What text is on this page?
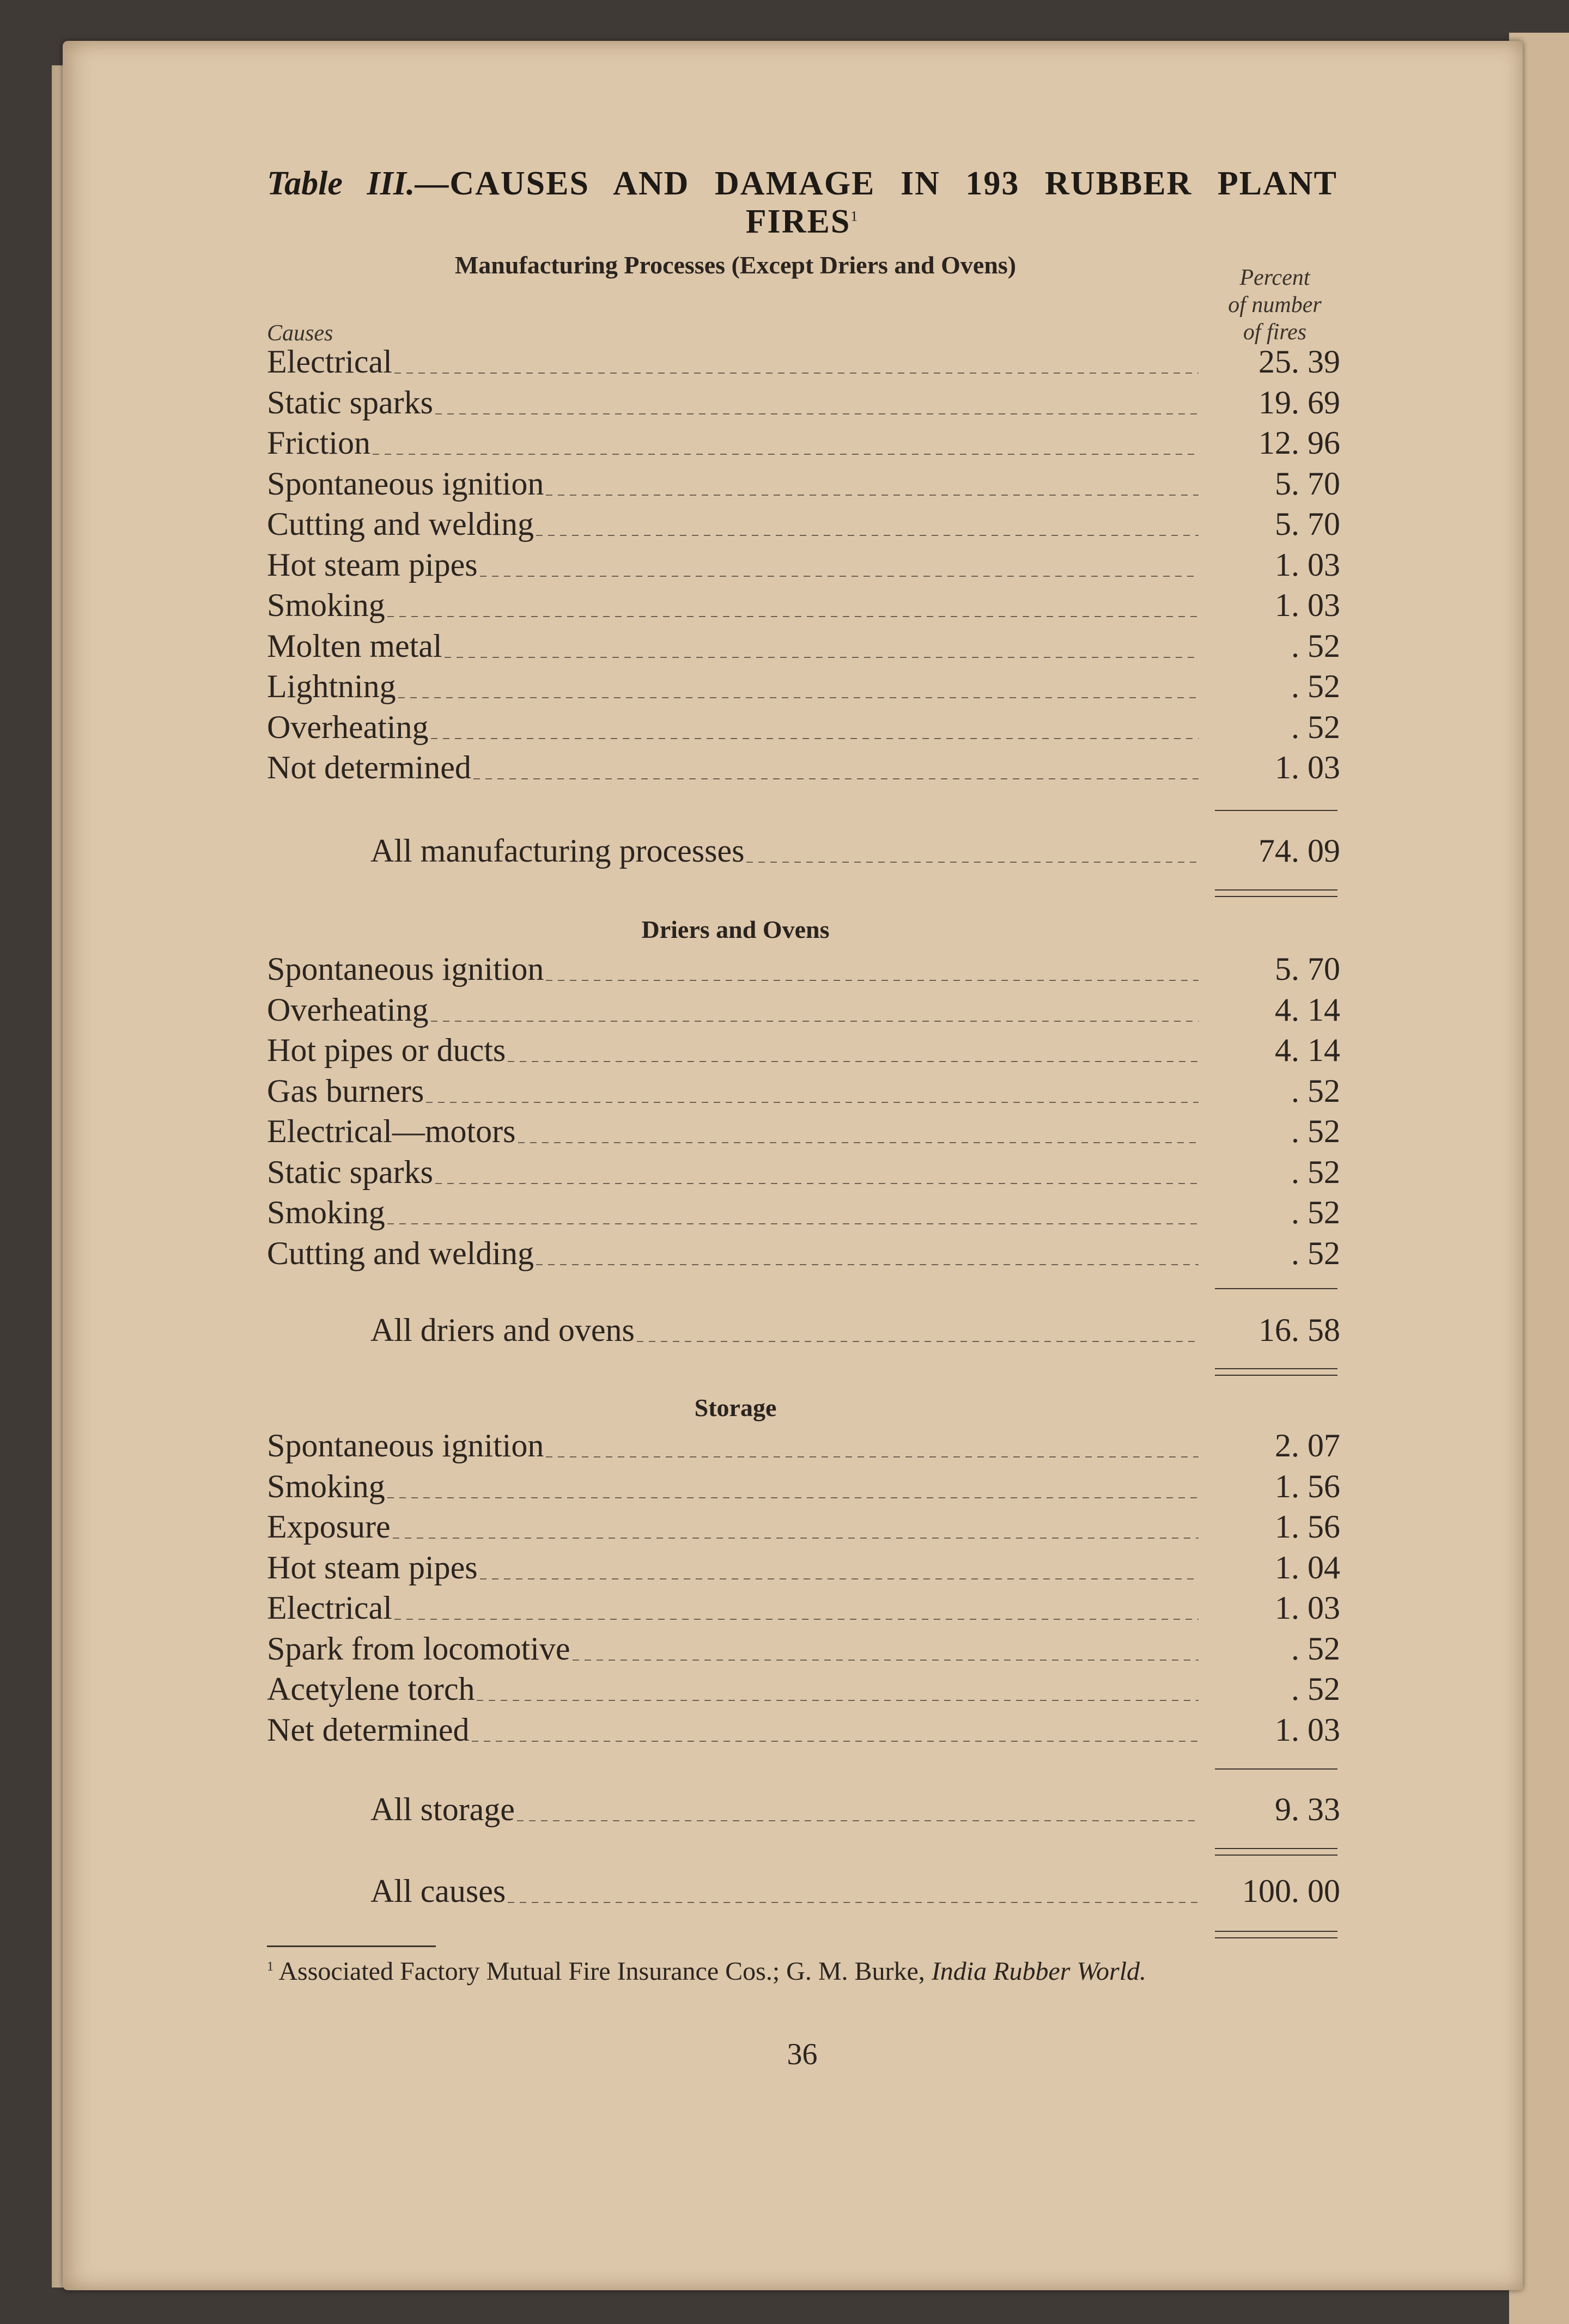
Table III.—CAUSES AND DAMAGE IN 193 RUBBER PLANT
FIRES$^1$
Manufacturing Processes (Except Driers and Ovens)	Percent
of number
of fires
Causes
Electrical	25. 39
Static sparks	19. 69
Friction	12. 96
Spontaneous ignition	5. 70
Cutting and welding	5. 70
Hot steam pipes	1. 03
Smoking	1. 03
Molten metal	. 52
Lightning	. 52
Overheating	. 52
Not determined	1. 03
All manufacturing processes	74. 09
Driers and Ovens
Spontaneous ignition	5. 70
Overheating	4. 14
Hot pipes or ducts	4. 14
Gas burners	. 52
Electrical—motors	. 52
Static sparks	. 52
Smoking	. 52
Cutting and welding	. 52
All driers and ovens	16. 58
Storage
Spontaneous ignition	2. 07
Smoking	1. 56
Exposure	1. 56
Hot steam pipes	1. 04
Electrical	1. 03
Spark from locomotive	. 52
Acetylene torch	. 52
Net determined	1. 03
All storage	9. 33
All causes	100. 00
$^1$ Associated Factory Mutual Fire Insurance Cos.; G. M. Burke, India Rubber World.
36
